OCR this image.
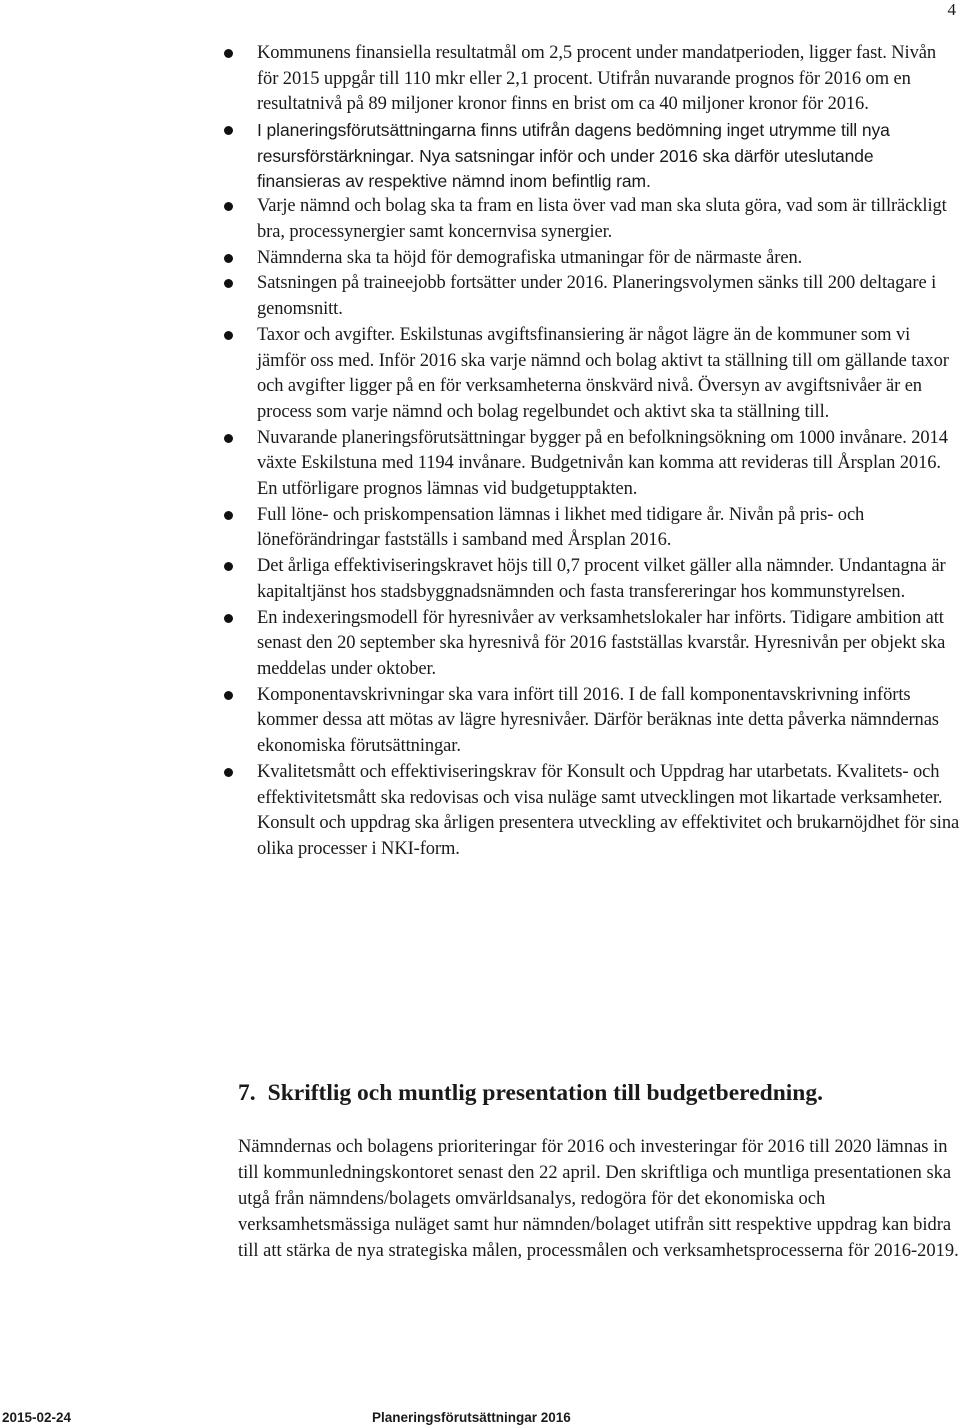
4
Kommunens finansiella resultatmål om 2,5 procent under mandatperioden, ligger fast. Nivån för 2015 uppgår till 110 mkr eller 2,1 procent. Utifrån nuvarande prognos för 2016 om en resultatnivå på 89 miljoner kronor finns en brist om ca 40 miljoner kronor för 2016.
I planeringsförutsättningarna finns utifrån dagens bedömning inget utrymme till nya resursförstärkningar. Nya satsningar inför och under 2016 ska därför uteslutande finansieras av respektive nämnd inom befintlig ram.
Varje nämnd och bolag ska ta fram en lista över vad man ska sluta göra, vad som är tillräckligt bra, processynergier samt koncernvisa synergier.
Nämnderna ska ta höjd för demografiska utmaningar för de närmaste åren.
Satsningen på traineejobb fortsätter under 2016. Planeringsvolymen sänks till 200 deltagare i genomsnitt.
Taxor och avgifter. Eskilstunas avgiftsfinansiering är något lägre än de kommuner som vi jämför oss med. Inför 2016 ska varje nämnd och bolag aktivt ta ställning till om gällande taxor och avgifter ligger på en för verksamheterna önskvärd nivå. Översyn av avgiftsnivåer är en process som varje nämnd och bolag regelbundet och aktivt ska ta ställning till.
Nuvarande planeringsförutsättningar bygger på en befolkningsökning om 1000 invånare. 2014 växte Eskilstuna med 1194 invånare. Budgetnivån kan komma att revideras till Årsplan 2016. En utförligare prognos lämnas vid budgetupptakten.
Full löne- och priskompensation lämnas i likhet med tidigare år. Nivån på pris- och löneförändringar fastställs i samband med Årsplan 2016.
Det årliga effektiviseringskravet höjs till 0,7 procent vilket gäller alla nämnder. Undantagna är kapitaltjänst hos stadsbyggnadsnämnden och fasta transfereringar hos kommunstyrelsen.
En indexeringsmodell för hyresnivåer av verksamhetslokaler har införts. Tidigare ambition att senast den 20 september ska hyresnivå för 2016 fastställas kvarstår. Hyresnivån per objekt ska meddelas under oktober.
Komponentavskrivningar ska vara infört till 2016. I de fall komponentavskrivning införts kommer dessa att mötas av lägre hyresnivåer. Därför beräknas inte detta påverka nämndernas ekonomiska förutsättningar.
Kvalitetsmått och effektiviseringskrav för Konsult och Uppdrag har utarbetats. Kvalitets- och effektivitetsmått ska redovisas och visa nuläge samt utvecklingen mot likartade verksamheter. Konsult och uppdrag ska årligen presentera utveckling av effektivitet och brukarnöjdhet för sina olika processer i NKI-form.
7. Skriftlig och muntlig presentation till budgetberedning.

Nämndernas och bolagens prioriteringar för 2016 och investeringar för 2016 till 2020 lämnas in till kommunledningskontoret senast den 22 april. Den skriftliga och muntliga presentationen ska utgå från nämndens/bolagets omvärldsanalys, redogöra för det ekonomiska och verksamhetsmässiga nuläget samt hur nämnden/bolaget utifrån sitt respektive uppdrag kan bidra till att stärka de nya strategiska målen, processmålen och verksamhetsprocesserna för 2016-2019.

2015-02-24	Planeringsförutsättningar 2016
